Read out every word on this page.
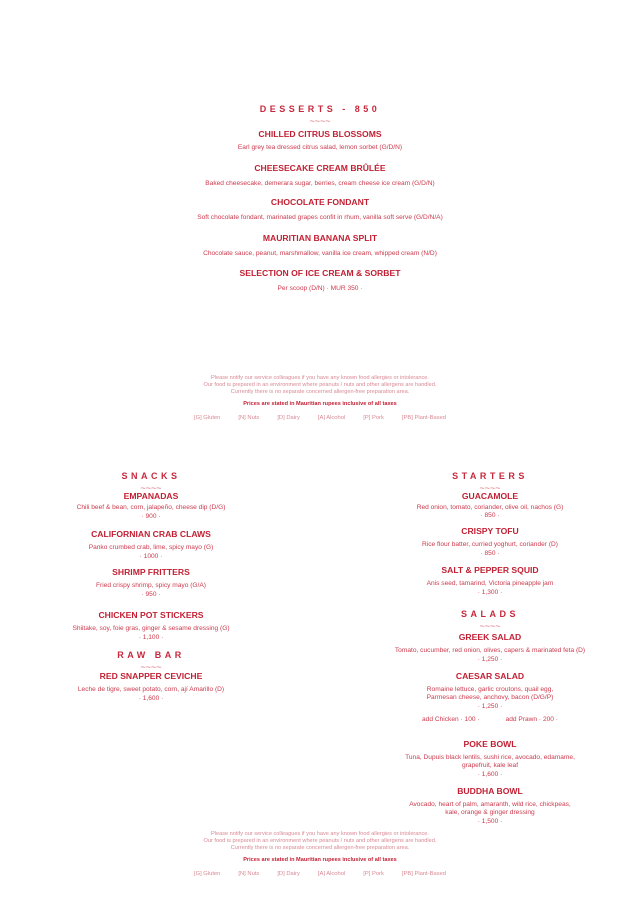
DESSERTS - 850
~~~~
CHILLED CITRUS BLOSSOMS
Earl grey tea dressed citrus salad, lemon sorbet (G/D/N)
CHEESECAKE CREAM BRÛLÉE
Baked cheesecake, demerara sugar, berries, cream cheese ice cream (G/D/N)
CHOCOLATE FONDANT
Soft chocolate fondant, marinated grapes confit in rhum, vanilla soft serve (G/D/N/A)
MAURITIAN BANANA SPLIT
Chocolate sauce, peanut, marshmallow, vanilla ice cream, whipped cream (N/D)
SELECTION OF ICE CREAM & SORBET
Per scoop (D/N) · MUR 350 ·
Please notify our service colleagues if you have any known food allergies or intolerance.
Our food is prepared in an environment where peanuts / nuts and other allergens are handled.
Currently there is no separate concerned allergen-free preparation area.
Prices are stated in Mauritian rupees inclusive of all taxes
[G] Gluten	[N] Nuts	[D] Dairy	[A] Alcohol	[P] Pork	[PB] Plant-Based
SNACKS
~~~~
EMPANADAS
Chili beef & bean, corn, jalapeño, cheese dip (D/G)
· 900 ·
CALIFORNIAN CRAB CLAWS
Panko crumbed crab, lime, spicy mayo (G)
· 1000 ·
SHRIMP FRITTERS
Fried crispy shrimp, spicy mayo (G/A)
· 950 ·
CHICKEN POT STICKERS
Shiitake, soy, foie gras, ginger & sesame dressing (G)
· 1,100 ·
RAW BAR
~~~~
RED SNAPPER CEVICHE
Leche de tigre, sweet potato, corn, ají Amarillo (D)
· 1,600 ·
STARTERS
~~~~
GUACAMOLE
Red onion, tomato, coriander, olive oil, nachos (G)
· 850 ·
CRISPY TOFU
Rice flour batter, curried yoghurt, coriander (D)
· 850 ·
SALT & PEPPER SQUID
Anis seed, tamarind, Victoria pineapple jam
· 1,300 ·
SALADS
~~~~
GREEK SALAD
Tomato, cucumber, red onion, olives, capers & marinated feta (D)
· 1,250 ·
CAESAR SALAD
Romaine lettuce, garlic croutons, quail egg,
Parmesan cheese, anchovy, bacon (D/G/P)
· 1,250 ·
add Chicken · 100 ·	add Prawn · 200 ·
POKE BOWL
Tuna, Dupuis black lentils, sushi rice, avocado, edamame,
grapefruit, kale leaf
· 1,600 ·
BUDDHA BOWL
Avocado, heart of palm, amaranth, wild rice, chickpeas,
kale, orange & ginger dressing
· 1,500 ·
Please notify our service colleagues if you have any known food allergies or intolerance.
Our food is prepared in an environment where peanuts / nuts and other allergens are handled.
Currently there is no separate concerned allergen-free preparation area.
Prices are stated in Mauritian rupees inclusive of all taxes
[G] Gluten	[N] Nuts	[D] Dairy	[A] Alcohol	[P] Pork	[PB] Plant-Based
